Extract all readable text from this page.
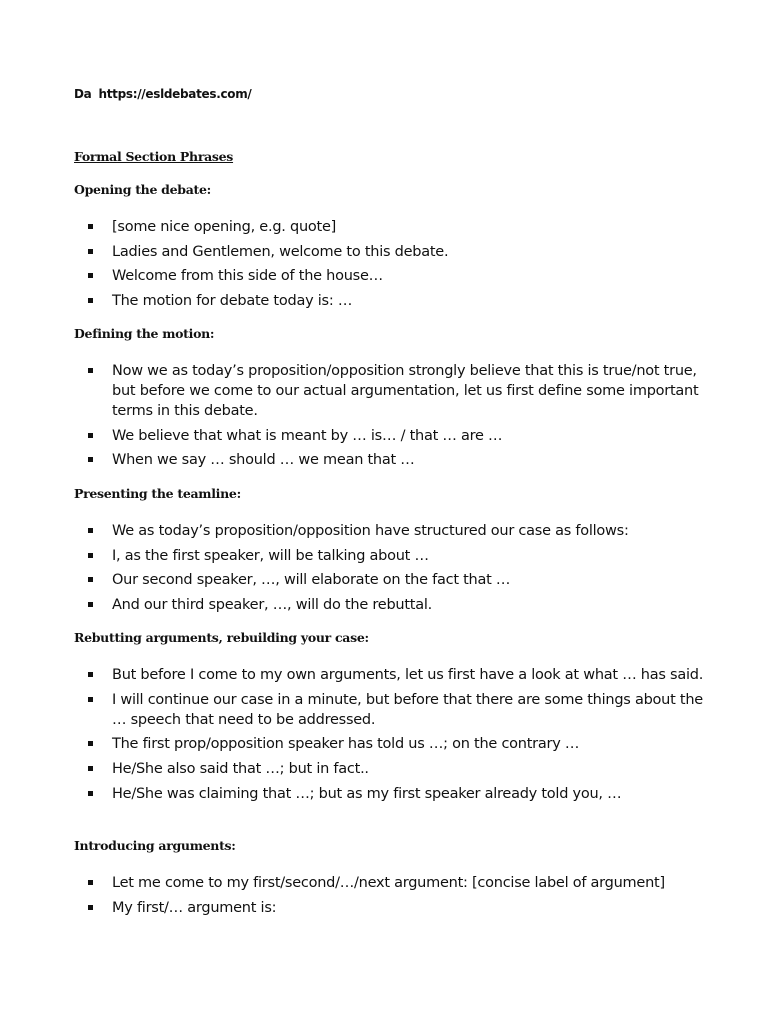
Da https://esldebates.com/
Formal Section Phrases
Opening the debate:
[some nice opening, e.g. quote]
Ladies and Gentlemen, welcome to this debate.
Welcome from this side of the house…
The motion for debate today is: …
Defining the motion:
Now we as today’s proposition/opposition strongly believe that this is true/not true, but before we come to our actual argumentation, let us first define some important terms in this debate.
We believe that what is meant by … is… / that … are …
When we say … should … we mean that …
Presenting the teamline:
We as today’s proposition/opposition have structured our case as follows:
I, as the first speaker, will be talking about …
Our second speaker, …, will elaborate on the fact that …
And our third speaker, …, will do the rebuttal.
Rebutting arguments, rebuilding your case:
But before I come to my own arguments, let us first have a look at what … has said.
I will continue our case in a minute, but before that there are some things about the … speech that need to be addressed.
The first prop/opposition speaker has told us …; on the contrary …
He/She also said that …; but in fact..
He/She was claiming that …; but as my first speaker already told you, …
Introducing arguments:
Let me come to my first/second/…/next argument: [concise label of argument]
My first/… argument is:
